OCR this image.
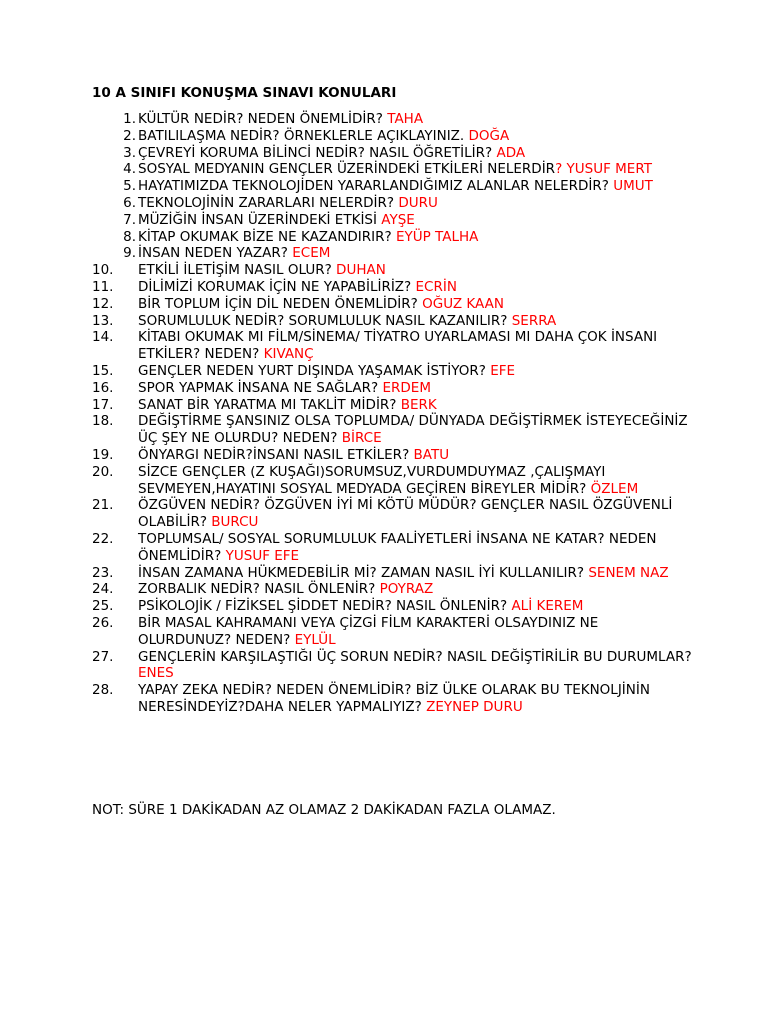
10 A SINIFI KONUŞMA SINAVI KONULARI
1. KÜLTÜR NEDİR? NEDEN ÖNEMLİDİR? TAHA
2. BATILILAŞMA NEDİR? ÖRNEKLERLE AÇIKLAYINIZ. DOĞA
3. ÇEVREYİ KORUMA BİLİNCİ NEDİR? NASIL ÖĞRETİLİR? ADA
4. SOSYAL MEDYANIN GENÇLER ÜZERİNDEKİ ETKİLERİ NELERDİR? YUSUF MERT
5. HAYATIMIZDA TEKNOLOJİDEN YARARLANDIĞIMIZ ALANLAR NELERDİR? UMUT
6. TEKNOLOJİNİN ZARARLARI NELERDİR? DURU
7. MÜZİĞİN İNSAN ÜZERİNDEKİ ETKİSİ AYŞE
8. KİTAP OKUMAK BİZE NE KAZANDIRIR? EYÜP TALHA
9. İNSAN NEDEN YAZAR? ECEM
10. ETKİLİ İLETİŞİM NASIL OLUR? DUHAN
11. DİLİMİZİ KORUMAK İÇİN NE YAPABİLİRİZ? ECRİN
12. BİR TOPLUM İÇİN DİL NEDEN ÖNEMLİDİR? OĞUZ KAAN
13. SORUMLULUK NEDİR? SORUMLULUK NASIL KAZANILIR? SERRA
14. KİTABI OKUMAK MI FİLM/SİNEMA/ TİYATRO UYARLAMASI MI DAHA ÇOK İNSANI ETKİLER? NEDEN? KIVANÇ
15. GENÇLER NEDEN YURT DIŞINDA YAŞAMAK İSTİYOR? EFE
16. SPOR YAPMAK İNSANA NE SAĞLAR? ERDEM
17. SANAT BİR YARATMA MI TAKLİT MİDİR? BERK
18. DEĞİŞTİRME ŞANSINIZ OLSA TOPLUMDA/ DÜNYADA DEĞİŞTİRMEK İSTEYECEĞİNİZ ÜÇ ŞEY NE OLURDU? NEDEN? BİRCE
19. ÖNYARGI NEDİR?İNSANI NASIL ETKİLER? BATU
20. SİZCE GENÇLER (Z KUŞAĞI)SORUMSUZ,VURDUMDUYMAZ ,ÇALIŞMAYI SEVMEYEN,HAYATINI SOSYAL MEDYADA GEÇİREN BİREYLER MİDİR? ÖZLEM
21. ÖZGÜVEN NEDİR? ÖZGÜVEN İYİ Mİ KÖTÜ MÜDÜR? GENÇLER NASIL ÖZGÜVENLİ OLABİLİR? BURCU
22. TOPLUMSAL/ SOSYAL SORUMLULUK FAALİYETLERİ İNSANA NE KATAR? NEDEN ÖNEMLİDİR? YUSUF EFE
23. İNSAN ZAMANA HÜKMEDEBİLİR Mİ? ZAMAN NASIL İYİ KULLANILIR? SENEM NAZ
24. ZORBALIK NEDİR? NASIL ÖNLENİR? POYRAZ
25. PSİKOLOJİK / FİZİKSEL ŞİDDET NEDİR? NASIL ÖNLENİR? ALİ KEREM
26. BİR MASAL KAHRAMANI VEYA ÇİZGİ FİLM KARAKTERİ OLSAYDINIZ NE OLURDUNUZ? NEDEN? EYLÜL
27. GENÇLERİN KARŞILAŞTIĞI ÜÇ SORUN NEDİR? NASIL DEĞİŞTİRİLİR BU DURUMLAR? ENES
28. YAPAY ZEKA NEDİR? NEDEN ÖNEMLİDİR? BİZ ÜLKE OLARAK BU TEKNOLJİNİN NERESİNDEYİZ?DAHA NELER YAPMALIYIZ? ZEYNEP DURU
NOT: SÜRE 1 DAKİKADAN AZ OLAMAZ 2 DAKİKADAN FAZLA OLAMAZ.
